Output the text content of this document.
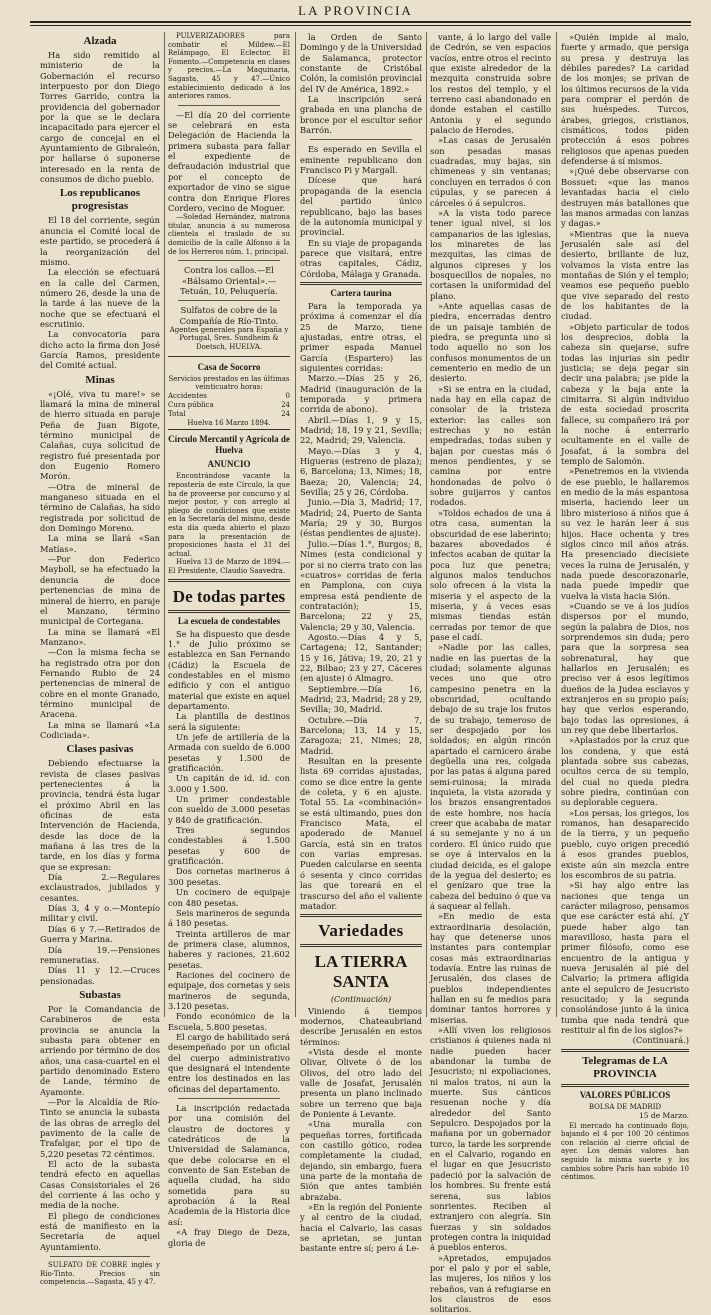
LA PROVINCIA

Alzada

Ha sido remitido al ministerio de la Gobernación el recurso interpuesto por don Diego Torres Garrido, contra la providencia del gobernador por la que se le declara incapacitado para ejercer el cargo de concejal en el Ayuntamiento de Gibraleón, por hallarse ó suponerse interesado en la renta de consumos de dicho pueblo.

Los republicanos progresistas

El 18 del corriente, según anuncia el Comité local de este partido, se procederá á la reorganización del mismo.

La elección se efectuará en la calle del Carmen, número 26, desde la una de la tarde á las nueve de la noche que se efectuará el escrutinio.

La convocatoria para dicho acto la firma don José García Ramos, presidente del Comité actual.

Minas

«¡Olé, viva tu mare!» se llamará la mina de mineral de hierro situada en paraje Peña de Juan Bigote, término municipal de Calañas, cuya solicitud de registro fué presentada por don Eugenio Romero Morón.

—Otra de mineral de manganeso situada en el término de Calañas, ha sido registrada por solicitud de don Domingo Moreno.

La mina se llará «San Matías».

—Por don Federico Mayboll, se ha efectuado la denuncia de doce pertenencias de mina de mineral de hierro, en paraje el Manzano, término municipal de Cortegana.

La mina se llamará «El Manzano».

—Con la misma fecha se ha registrado otra por don Fernando Rubio de 24 pertenencias de mineral de cobre en el monte Granado, término municipal de Aracena.

La mina se llamará «La Codiciada».

Clases pasivas

Debiendo efectuarse la revista de clases pasivas pertenecientes á la provincia, tendrá ésta lugar el próximo Abril en las oficinas de esta Intervención de Hacienda, desde las doce de la mañana á las tres de la tarde, en los días y forma que se expresan:

Día 2.—Regulares exclaustrados, jubilados y cesantes.

Días 3, 4 y o.—Montepío militar y civil.

Días 6 y 7.—Retirados de Guerra y Marina.

Día 19.—Pensiones remuneratias.

Días 11 y 12.—Cruces pensionadas.

Subastas

Por la Comandancia de Carabineros de esta provincia se anuncia la subasta para obtener en arriendo por término de dos años, una casa-cuartel en el partido denominado Estero de Lande, término de Ayamonte.

—Por la Alcaldía de Río-Tinto se anuncia la subasta de las obras de arreglo del pavimento de la calle de Trafalgar, por el tipo de 5,220 pesetas 72 céntimos.

El acto de la subasta tendrá efecto en aquellas Casas Consistoriales el 26 del corriente á las ocho y media de la noche.

El pliego de condiciones está de manifiesto en la Secretaría de aquel Ayuntamiento.

SULFATO DE COBRE inglés y Río-Tinto. Precios sin competencia.—Sagasta, 45 y 47.

PULVERIZADORES para combatir el Mildew.—El Relámpago, El Eclector, El Fomento.—Competencia en clases y precios.—La Maquinaria, Sagasta, 45 y 47.—Único establecimiento dedicado á los anteriores ramos.

—El día 20 del corriente se celebrará en esta Delegación de Hacienda la primera subasta para fallar el expediente de defraudación industrial que por el concepto de exportador de vino se sigue contra don Enrique Flores Cordero, vecino de Moguer.

—Soledad Hernández, matrona titular, anuncia á su numerosa clientela el traslado de su domicilio de la calle Alfonso á la de los Herreros núm. 1, principal.

Contra los callos.—El «Bálsamo Oriental».—Tetuán, 10, Peluquería.

Sulfatos de cobre de la Compañía de Río-Tinto.

Agentes generales para España y Portugal, Sres. Sundheim & Doetsch, HUELVA.

Casa de Socorro

Servicios prestados en las últimas veinticuatro horas:

Accidentes	0
Cura pública	24
Total	24

Huelva 16 Marzo 1894.

Círculo Mercantil y Agrícola de Huelva

ANUNCIO

Encontrándose vacante la repostería de este Círculo, la que ha de proveerse por concurso y al mejor postor, y con arreglo al pliego de condiciones que existe en la Secretaría del mismo, desde esta día queda abierto el plazo para la presentación de proposiciones hasta el 31 del actual.

Huelva 13 de Marzo de 1894.—El Presidente, Claudio Saavedra.

De todas partes

La escuela de condestables

Se ha dispuesto que desde 1.° de Julio próximo se establezca en San Fernando (Cádiz) la Escuela de condestables en el mismo edificio y con el antiguo material que existe en aquel departamento.

La plantilla de destinos será la siguiente:

Un jefe de artillería de la Armada con sueldo de 6.000 pesetas y 1.500 de gratificación.

Un capitán de id. id. con 3.000 y 1.500.

Un primer condestable con sueldo de 3.000 pesetas y 840 de gratificación.

Tres segundos condestables á 1.500 pesetas y 600 de gratificación.

Dos cornetas marineros á 300 pesetas.

Un cocinero de equipaje con 480 pesetas.

Seis marineros de segunda á 180 pesetas.

Treinta artilleros de mar de primera clase, alumnos, haberes y raciones, 21.602 pesetas.

Raciones del cocinero de equipaje, dos cornetas y seis marineros de segunda, 3.120 pesetas.

Fondo económico de la Escuela, 5.800 pesetas.

El cargo de habilitado será desempeñado por un oficial del cuerpo administrativo que designará el intendente entre los destinados en las oficinas del departamento.

La inscripción redactada por una comisión del claustro de doctores y catedráticos de la Universidad de Salamanca, que debe colocarse en el convento de San Esteban de aquella ciudad, ha sido sometida para su aprobación á la Real Academia de la Historia dice así:

«A fray Diego de Deza, gloria de

la Orden de Santo Domingo y de la Universidad de Salamanca, protector constante de Cristóbal Colón, la comisión provincial del IV de América, 1892.»

La inscripción será grabada en una plancha de bronce por el escultor señor Barrón.

Es esperado en Sevilla el eminente republicano don Francisco Pi y Margall.

Dícese que hará propaganda de la esencia del partido único republicano, bajo las bases de la autonomía municipal y provincial.

En su viaje de propaganda parece que visitará, entre otras capitales, Cádiz, Córdoba, Málaga y Granada.

Cartera taurina

Para la temporada ya próxima á comenzar el día 25 de Marzo, tiene ajustadas, entre otras, el primer espada Manuel García (Espartero) las siguientes corridas:

Marzo.—Días 25 y 26, Madrid (inauguración de la temporada y primera corrida de abono).

Abril.—Días 1, 9 y 15, Madrid; 18, 19 y 21, Sevilla; 22, Madrid; 29, Valencia.

Mayo.—Días 3 y 4, Higueras (estreno de plaza); 6, Barcelona; 13, Nimes; 18, Baeza; 20, Valencia; 24, Sevilla; 25 y 26, Córdoba.

Junio.—Día 3, Madrid; 17, Madrid; 24, Puerto de Santa María; 29 y 30, Burgos (éstas pendientes de ajuste).

Julio.—Días 1.°, Burgos; 8, Nimes (esta condicional y por si no cierra trato con las «cuatros» corridas de feria en Pamplona, con cuya empresa está pendiente de contratación); 15, Barcelona; 22 y 25, Valencia; 29 y 30, Valencia.

Agosto.—Días 4 y 5, Cartagena; 12, Santander; 15 y 16, Játiva; 19, 20, 21 y 22, Bilbao; 23 y 27, Cáceres (en ajuste) ó Almagro.

Septiembre.—Día 16, Madrid; 23, Madrid; 28 y 29, Sevilla; 30, Madrid.

Octubre.—Día 7, Barcelona; 13, 14 y 15, Zaragoza; 21, Nimes; 28, Madrid.

Resultan en la presente lista 69 corridas ajustadas, como se dice entre la gente de coleta, y 6 en ajuste. Total 55. La «combinación» se está ultimando, pues don Francisco Mata, el apoderado de Manuel García, está sin en tratos con varias empresas. Pueden calcularse en seenta ó sesenta y cinco corridas las que toreará en el trascurso del año el valiente matador.

Variedades

LA TIERRA SANTA

(Continuación)

Viniendo á tiempos modernos, Chateaubriand describe Jerusalén en estos términos:

«Vista desde el monte Olivar, Olivete ó de los Olivos, del otro lado del valle de Josafat, Jerusalén presenta un plano inclinado sobre un terreno que baja de Poniente á Levante.

«Una muralla con pequeñas torres, fortificada con castillo gótico, rodea completamente la ciudad, dejando, sin embargo, fuera una parte de la montaña de Sión que antes también abrazaba.

»En la región del Poniente y al centro de la ciudad, hacia el Calvario, las casas se aprietan, se juntan bastante entre sí; pero á Le-

vante, á lo largo del valle de Cedrón, se ven espacios vacíos, entre otros el recinto que existe alrededor de la mezquita construida sobre los restos del templo, y el terreno casi abandonado en donde estaban el castillo Antonia y el segundo palacio de Herodes.

»Las casas de Jerusalén son pesadas masas cuadradas, muy bajas, sin chimeneas y sin ventanas; concluyen en terrados ó con cúpulas, y se parecen á cárceles ó á sepulcros.

»A la vista todo parece tener igual nivel, si los campanarios de las iglesias, los minaretes de las mezquitas, las cimas de algunos cipreses y los bosquecillos de nopales, no cortasen la uniformidad del plano.

»Ante aquellas casas de piedra, encerradas dentro de un paisaje también de piedra, se pregunta uno si todo aquello no son los confusos monumentos de un cementerio en medio de un desierto.

»Si se entra en la ciudad, nada hay en ella capaz de consolar de la tristeza exterior: las calles son estrechas y no están empedradas, todas suben y bajan por cuestas más ó menos pendientes, y se camina por entre hondonadas de polvo ó sobre guijarros y cantos rodados.

»Toldos echados de una á otra casa, aumentan la obscuridad de ese laberinto; bazares abovedados é infectos acaban de quitar la poca luz que penetra; algunos malos tenduchos solo ofrecen á la vista la miseria y el aspecto de la miseria, y á veces esas mismas tiendas están cerradas por temor de que pase el cadí.

»Nadie por las calles, nadie en las puertas de la ciudad; solamente algunas veces uno que otro campesino penetra en la obscuridad, ocultando debajo de su traje los frutos de su trabajo, temeroso de ser despojado por los soldados; en algún rincón apartado el carnicero árabe degüella una res, colgada por las patas á alguna pared semi-ruinosa; la mirada inquieta, la vista azorada y los brazos ensangrentados de este hombre, nos hacía creer que acababa de matar á su semejante y no á un cordero. El único ruido que se oye á intervalos en la ciudad deicida, es el galope de la yegua del desierto; es el genízaro que trae la cabeza del beduino ó que va á saquear al fellah.

»En medio de esta extraordinaria desolación, hay que detenerse unos instantes para contemplar cosas más extraordinarias todavía. Entre las ruinas de Jerusalén, dos clases de pueblos independientes hallan en su fe medios para dominar tantos horrores y miserias.

»Allí viven los religiosos cristianos á quienes nada ni nadie pueden hacer abandonar la tumba de Jesucristo; ni expoliaciones, ni malos tratos, ni aun la muerte. Sus cánticos resuenan noche y día alrededor del Santo Sepulcro. Despojados por la mañana por un gobernador turco, la tarde les sorprende en el Calvario, rogando en el lugar en que Jesucristo padeció por la salvación de los hombres. Su frente está serena, sus labios sonrientes. Reciben al extranjero con alegría. Sin fuerzas y sin soldados protegen contra la iniquidad á pueblos enteros.

»Apretados, empujados por el palo y por el sable, las mujeres, los niños y los rebaños, van á refugiarse en los claustros de esos solitarios.

»Quién impide al malo, fuerte y armado, que persiga su presa y destruya las débiles paredes? La caridad de los monjes; se privan de los últimos recursos de la vida para comprar el perdón de sus huéspedes. Turcos, árabes, griegos, cristianos, cismáticos, todos piden protección á esos pobres religiosos que apenas pueden defenderse á sí mismos.

»¡Qué debe observarse con Bossuet: «que las manos levantadas hacia el cielo destruyen más batallones que las manos armadas con lanzas y dagas.»

»Mientras que la nueva Jerusalén sale así del desierto, brillante de luz, volvamos la vista entre las montañas de Sión y el templo; veamos ese pequeño pueblo que vive separado del resto de los habitantes de la ciudad.

»Objeto particular de todos los desprecios, dobla la cabeza sin quejarse, sufre todas las injurias sin pedir justicia; se deja pegar sin decir una palabra; ¡se pide la cabeza y la baja ante la cimitarra. Si algún individuo de esta sociedad proscrita fallece, su compañero irá por la noche á enterrarlo ocultamente en el valle de Josafat, á la sombra del templo de Salomón.

»Penetremos en la vivienda de ese pueblo, le hallaremos en medio de la más espantosa miseria, haciendo leer un libro misterioso á niños que á su vez le harán leer á sus hijos. Hace ochenta y tres siglos cinco mil años atrás. Ha presenciado diecisiete veces la ruina de Jerusalén, y nada puede descorazonarle, nada puede impedir que vuelva la vista hacia Sión.

»Cuando se ve á los judíos dispersos por el mundo, según la palabra de Dios, nos sorprendemos sin duda; pero para que la sorpresa sea sobrenatural, hay que hallarlos en Jerusalén; es preciso ver á esos legítimos dueños de la Judea esclavos y extranjeros en su propio país; hay que verlos esperando, bajo todas las opresiones, á un rey que debe libertarlos.

»Aplastados por la cruz que los condena, y que está plantada sobre sus cabezas, ocultos cerca de su templo, del cual no queda piedra sobre piedra, continúan con su deplorable ceguera.

»Los persas, los griegos, los romanos, han desaparecido de la tierra, y un pequeño pueblo, cuyo origen precedió á esos grandes pueblos, existe aún sin mezcla entre los escombros de su patria.

»Si hay algo entre las naciones que tenga un carácter milagroso, pensamos que ese carácter está ahí. ¿Y puede haber algo tan maravilloso, hasta para el primer filósofo, como ese encuentro de la antigua y nueva Jerusalén al pié del Calvario; la primera afligida ante el sepulcro de Jesucristo resucitado; y la segunda consolándose junto á la única tumba que nada tendrá que restituir al fin de los siglos?»

(Continuará.)

Telegramas de LA PROVINCIA

VALORES PÚBLICOS

BOLSA DE MADRID

15 de Marzo.

El mercado ha continuado flojo, bajando el 4 por 100 20 céntimos con relación al cierre oficial de ayer. Los demás valores han seguido la misma suerte y los cambios sobre París han subido 10 céntimos.
